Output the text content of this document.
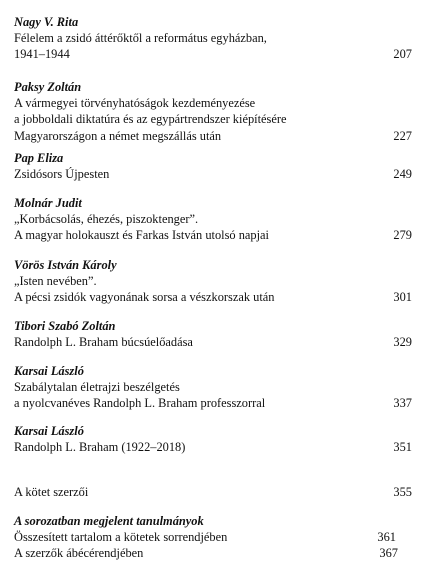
Nagy V. Rita
Félelem a zsidó áttérőktől a református egyházban,
1941–1944	207
Paksy Zoltán
A vármegyei törvényhatóságok kezdeményezése
a jobboldali diktatúra és az egypártrendszer kiépítésére
Magyarországon a német megszállás után	227
Pap Eliza
Zsidósors Újpesten	249
Molnár Judit
„Korbácsolás, éhezés, piszoktenger”.
A magyar holokauszt és Farkas István utolsó napjai	279
Vörös István Károly
„Isten nevében”.
A pécsi zsidók vagyonának sorsa a vészkorszak után	301
Tibori Szabó Zoltán
Randolph L. Braham búcsúelőadása	329
Karsai László
Szabálytalan életrajzi beszélgetés
a nyolcvanéves Randolph L. Braham professzorral	337
Karsai László
Randolph L. Braham (1922–2018)	351
A kötet szerzői	355
A sorozatban megjelent tanulmányok
Összesített tartalom a kötetek sorrendjében	361
A szerzők ábécérendjében	367
